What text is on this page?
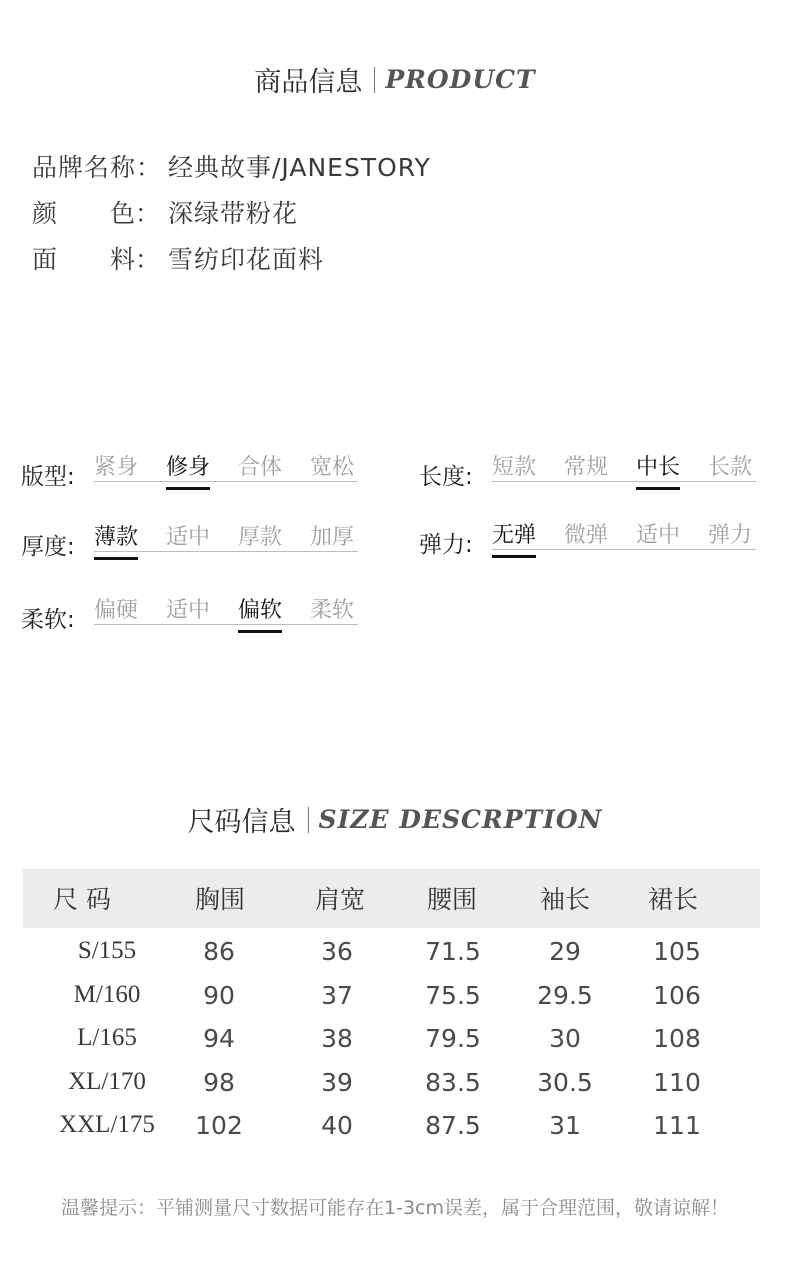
商品信息 PRODUCT
品牌名称： 经典故事/JANESTORY
颜 色： 深绿带粉花
面 料： 雪纺印花面料
版型: 紧身 修身 合体 宽松	长度: 短款 常规 中长 长款
厚度: 薄款 适中 厚款 加厚	弹力: 无弹 微弹 适中 弹力
柔软: 偏硬 适中 偏软 柔软
尺码信息 SIZE DESCRPTION
尺 码	胸围	肩宽 腰围	袖长 裙长
S/155	86	36	71.5	29	105
M/160	90	37	75.5	29.5	106
L/165	94	38	79.5	30	108
XL/170	98	39	83.5	30.5	110
XXL/175	102	40	87.5	31	111
温馨提示：平铺测量尺寸数据可能存在1-3cm误差，属于合理范围，敬请谅解！
